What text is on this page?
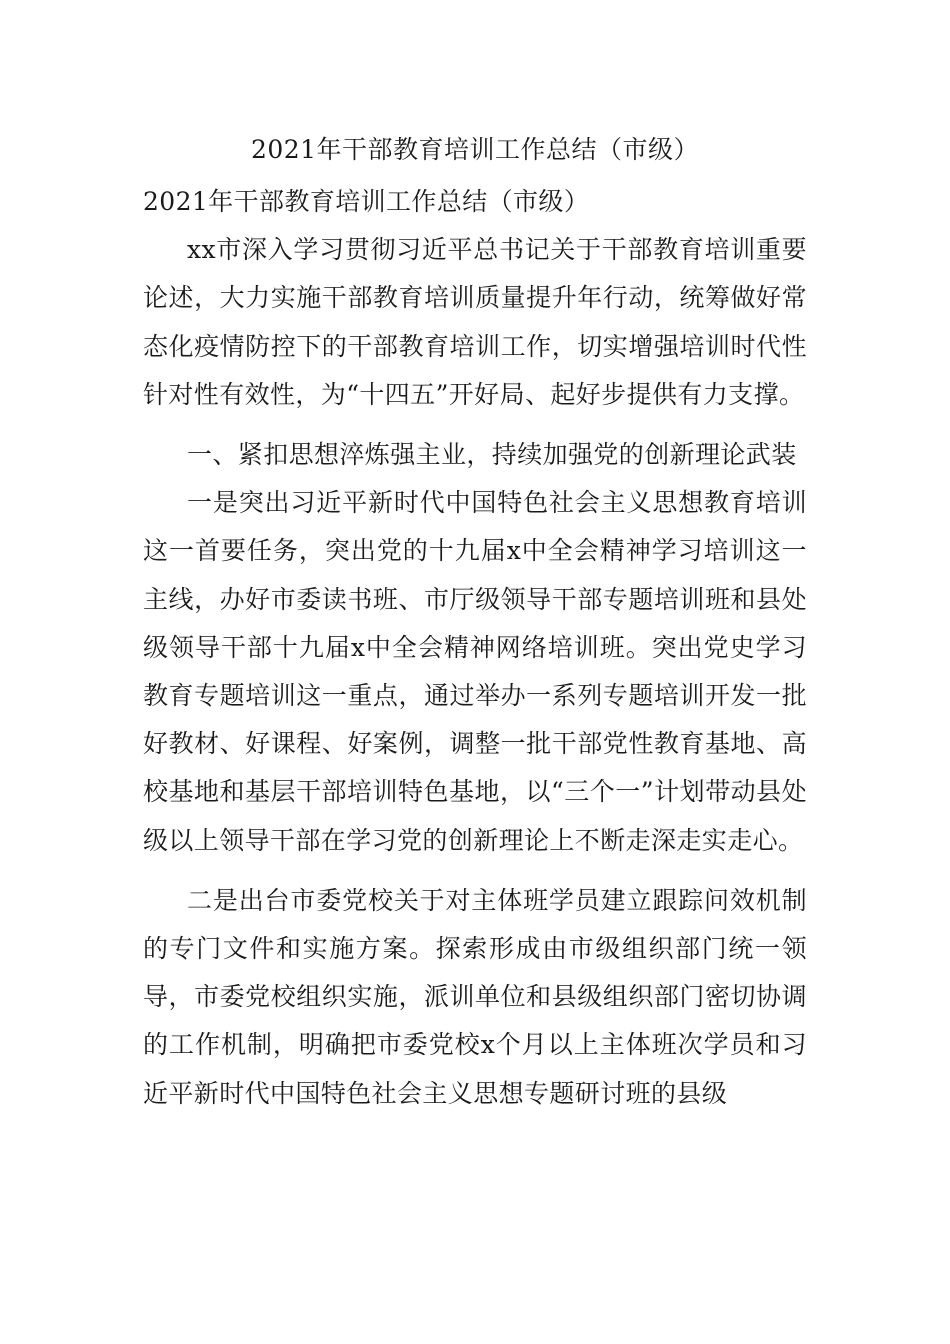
2021年干部教育培训工作总结（市级）

2021年干部教育培训工作总结（市级）

xx市深入学习贯彻习近平总书记关于干部教育培训重要论述，大力实施干部教育培训质量提升年行动，统筹做好常态化疫情防控下的干部教育培训工作，切实增强培训时代性针对性有效性，为“十四五”开好局、起好步提供有力支撑。

一、紧扣思想淬炼强主业，持续加强党的创新理论武装

一是突出习近平新时代中国特色社会主义思想教育培训这一首要任务，突出党的十九届x中全会精神学习培训这一主线，办好市委读书班、市厅级领导干部专题培训班和县处级领导干部十九届x中全会精神网络培训班。突出党史学习教育专题培训这一重点，通过举办一系列专题培训开发一批好教材、好课程、好案例，调整一批干部党性教育基地、高校基地和基层干部培训特色基地，以“三个一”计划带动县处级以上领导干部在学习党的创新理论上不断走深走实走心。

二是出台市委党校关于对主体班学员建立跟踪问效机制的专门文件和实施方案。探索形成由市级组织部门统一领导，市委党校组织实施，派训单位和县级组织部门密切协调的工作机制，明确把市委党校x个月以上主体班次学员和习近平新时代中国特色社会主义思想专题研讨班的县级
